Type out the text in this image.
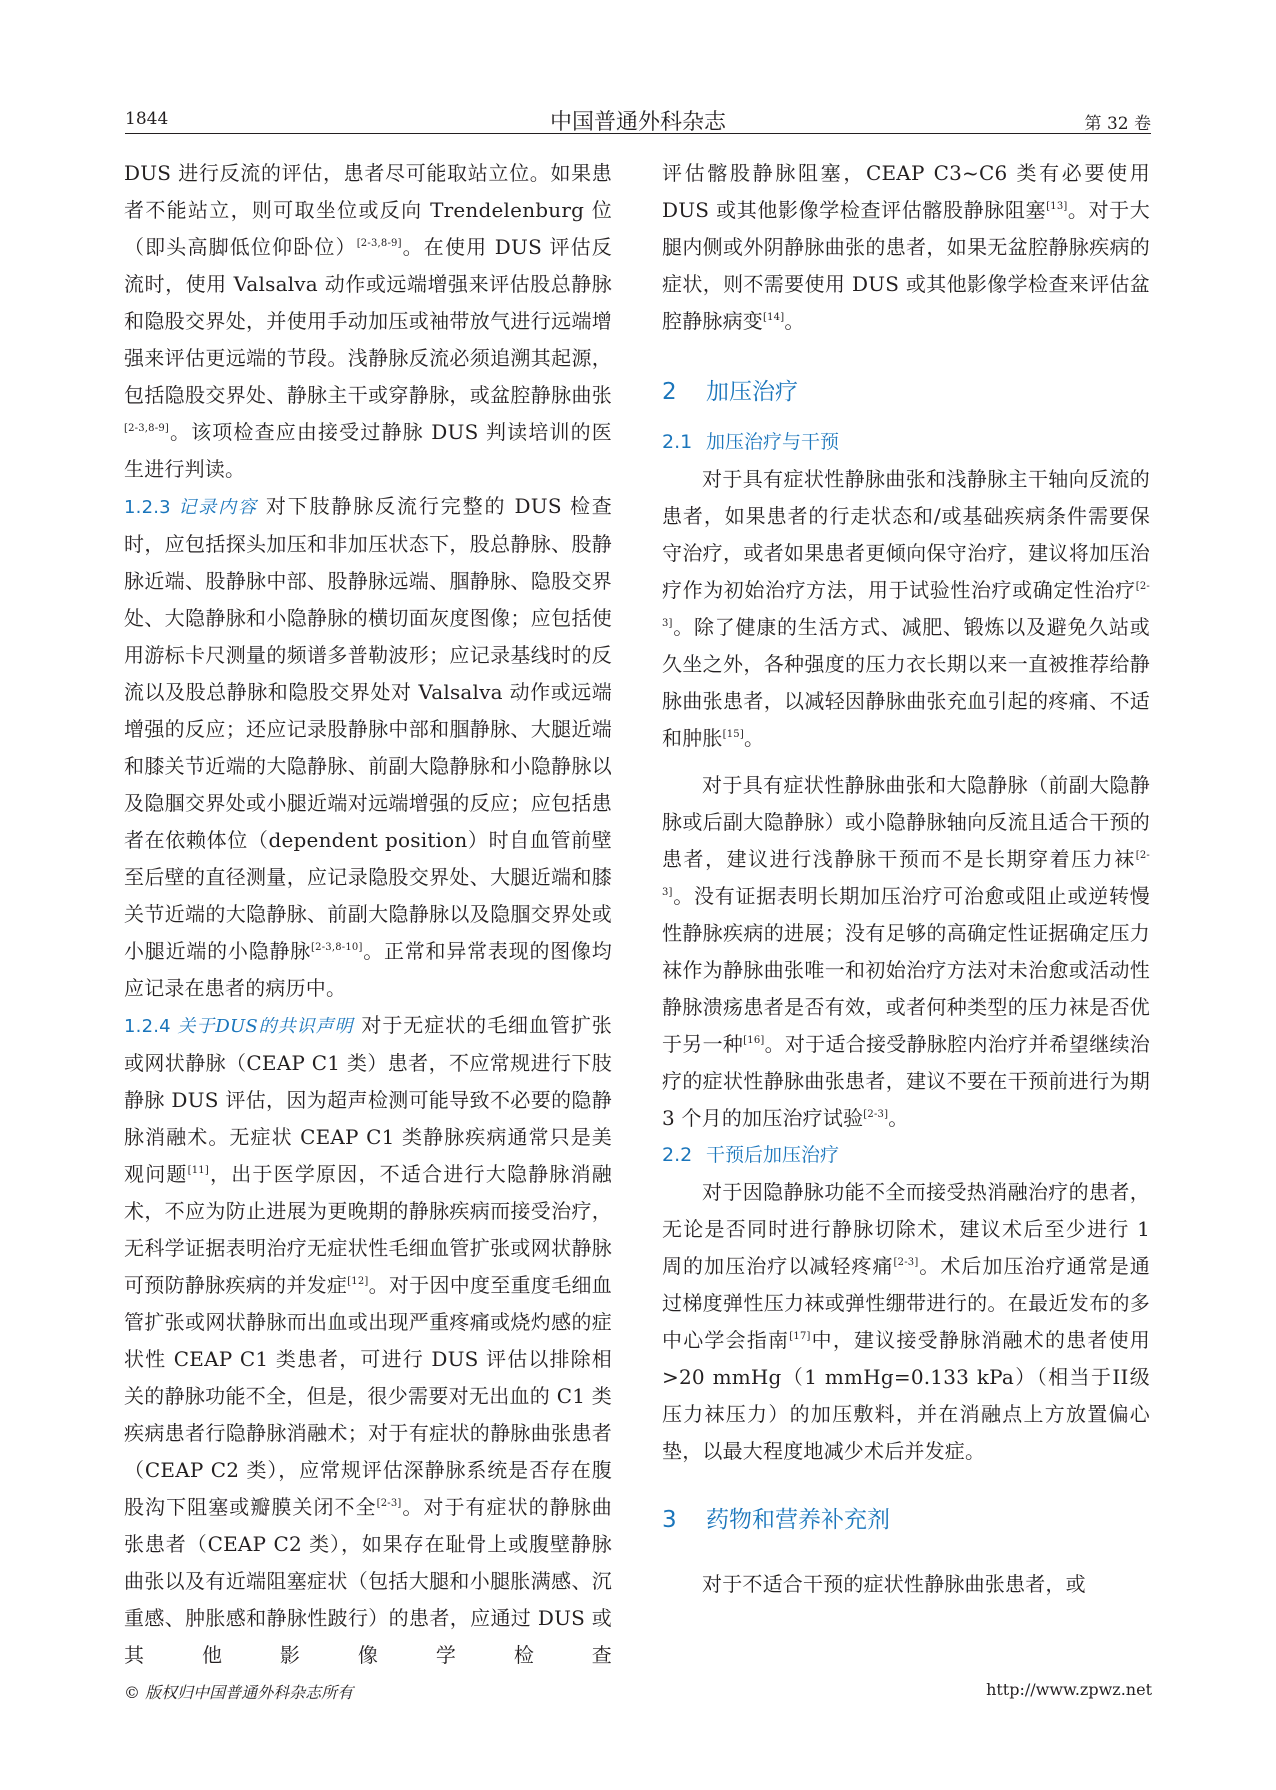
1844	中国普通外科杂志	第 32 卷

DUS 进行反流的评估，患者尽可能取站立位。如果患者不能站立，则可取坐位或反向 Trendelenburg 位（即头高脚低位仰卧位）[2-3,8-9]。在使用 DUS 评估反流时，使用 Valsalva 动作或远端增强来评估股总静脉和隐股交界处，并使用手动加压或袖带放气进行远端增强来评估更远端的节段。浅静脉反流必须追溯其起源，包括隐股交界处、静脉主干或穿静脉，或盆腔静脉曲张[2-3,8-9]。该项检查应由接受过静脉 DUS 判读培训的医生进行判读。

1.2.3 记录内容 对下肢静脉反流行完整的 DUS 检查时，应包括探头加压和非加压状态下，股总静脉、股静脉近端、股静脉中部、股静脉远端、腘静脉、隐股交界处、大隐静脉和小隐静脉的横切面灰度图像；应包括使用游标卡尺测量的频谱多普勒波形；应记录基线时的反流以及股总静脉和隐股交界处对 Valsalva 动作或远端增强的反应；还应记录股静脉中部和腘静脉、大腿近端和膝关节近端的大隐静脉、前副大隐静脉和小隐静脉以及隐腘交界处或小腿近端对远端增强的反应；应包括患者在依赖体位（dependent position）时自血管前壁至后壁的直径测量，应记录隐股交界处、大腿近端和膝关节近端的大隐静脉、前副大隐静脉以及隐腘交界处或小腿近端的小隐静脉[2-3,8-10]。正常和异常表现的图像均应记录在患者的病历中。

1.2.4 关于DUS的共识声明 对于无症状的毛细血管扩张或网状静脉（CEAP C1 类）患者，不应常规进行下肢静脉 DUS 评估，因为超声检测可能导致不必要的隐静脉消融术。无症状 CEAP C1 类静脉疾病通常只是美观问题[11]，出于医学原因，不适合进行大隐静脉消融术，不应为防止进展为更晚期的静脉疾病而接受治疗，无科学证据表明治疗无症状性毛细血管扩张或网状静脉可预防静脉疾病的并发症[12]。对于因中度至重度毛细血管扩张或网状静脉而出血或出现严重疼痛或烧灼感的症状性 CEAP C1 类患者，可进行 DUS 评估以排除相关的静脉功能不全，但是，很少需要对无出血的 C1 类疾病患者行隐静脉消融术；对于有症状的静脉曲张患者（CEAP C2 类），应常规评估深静脉系统是否存在腹股沟下阻塞或瓣膜关闭不全[2-3]。对于有症状的静脉曲张患者（CEAP C2 类），如果存在耻骨上或腹壁静脉曲张以及有近端阻塞症状（包括大腿和小腿胀满感、沉重感、肿胀感和静脉性跛行）的患者，应通过 DUS 或其他影像学检查

评估髂股静脉阻塞，CEAP C3~C6 类有必要使用 DUS 或其他影像学检查评估髂股静脉阻塞[13]。对于大腿内侧或外阴静脉曲张的患者，如果无盆腔静脉疾病的症状，则不需要使用 DUS 或其他影像学检查来评估盆腔静脉病变[14]。

2 加压治疗
2.1 加压治疗与干预

对于具有症状性静脉曲张和浅静脉主干轴向反流的患者，如果患者的行走状态和/或基础疾病条件需要保守治疗，或者如果患者更倾向保守治疗，建议将加压治疗作为初始治疗方法，用于试验性治疗或确定性治疗[2-3]。除了健康的生活方式、减肥、锻炼以及避免久站或久坐之外，各种强度的压力衣长期以来一直被推荐给静脉曲张患者，以减轻因静脉曲张充血引起的疼痛、不适和肿胀[15]。

对于具有症状性静脉曲张和大隐静脉（前副大隐静脉或后副大隐静脉）或小隐静脉轴向反流且适合干预的患者，建议进行浅静脉干预而不是长期穿着压力袜[2-3]。没有证据表明长期加压治疗可治愈或阻止或逆转慢性静脉疾病的进展；没有足够的高确定性证据确定压力袜作为静脉曲张唯一和初始治疗方法对未治愈或活动性静脉溃疡患者是否有效，或者何种类型的压力袜是否优于另一种[16]。对于适合接受静脉腔内治疗并希望继续治疗的症状性静脉曲张患者，建议不要在干预前进行为期 3 个月的加压治疗试验[2-3]。

2.2 干预后加压治疗

对于因隐静脉功能不全而接受热消融治疗的患者，无论是否同时进行静脉切除术，建议术后至少进行 1 周的加压治疗以减轻疼痛[2-3]。术后加压治疗通常是通过梯度弹性压力袜或弹性绷带进行的。在最近发布的多中心学会指南[17]中，建议接受静脉消融术的患者使用>20 mmHg（1 mmHg=0.133 kPa）（相当于II级压力袜压力）的加压敷料，并在消融点上方放置偏心垫，以最大程度地减少术后并发症。

3 药物和营养补充剂

对于不适合干预的症状性静脉曲张患者，或

© 版权归中国普通外科杂志所有	http://www.zpwz.net
